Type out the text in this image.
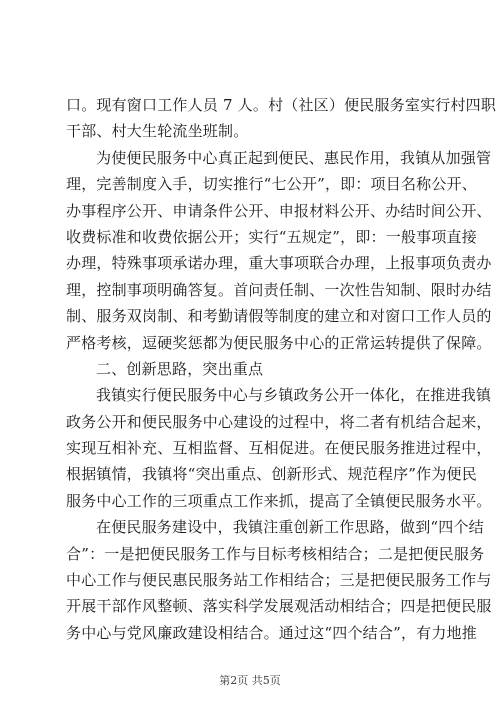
口。现有窗口工作人员 7 人。村（社区）便民服务室实行村四职
干部、村大生轮流坐班制。
为使便民服务中心真正起到便民、惠民作用，我镇从加强管
理，完善制度入手，切实推行“七公开”，即：项目名称公开、
办事程序公开、申请条件公开、申报材料公开、办结时间公开、
收费标准和收费依据公开；实行“五规定”，即：一般事项直接
办理，特殊事项承诺办理，重大事项联合办理，上报事项负责办
理，控制事项明确答复。首问责任制、一次性告知制、限时办结
制、服务双岗制、和考勤请假等制度的建立和对窗口工作人员的
严格考核，逗硬奖惩都为便民服务中心的正常运转提供了保障。
二、创新思路，突出重点
我镇实行便民服务中心与乡镇政务公开一体化，在推进我镇
政务公开和便民服务中心建设的过程中，将二者有机结合起来，
实现互相补充、互相监督、互相促进。在便民服务推进过程中，
根据镇情，我镇将“突出重点、创新形式、规范程序”作为便民
服务中心工作的三项重点工作来抓，提高了全镇便民服务水平。
在便民服务建设中，我镇注重创新工作思路，做到“四个结
合”：一是把便民服务工作与目标考核相结合；二是把便民服务
中心工作与便民惠民服务站工作相结合；三是把便民服务工作与
开展干部作风整顿、落实科学发展观活动相结合；四是把便民服
务中心与党风廉政建设相结合。通过这“四个结合”，有力地推
第2页 共5页
